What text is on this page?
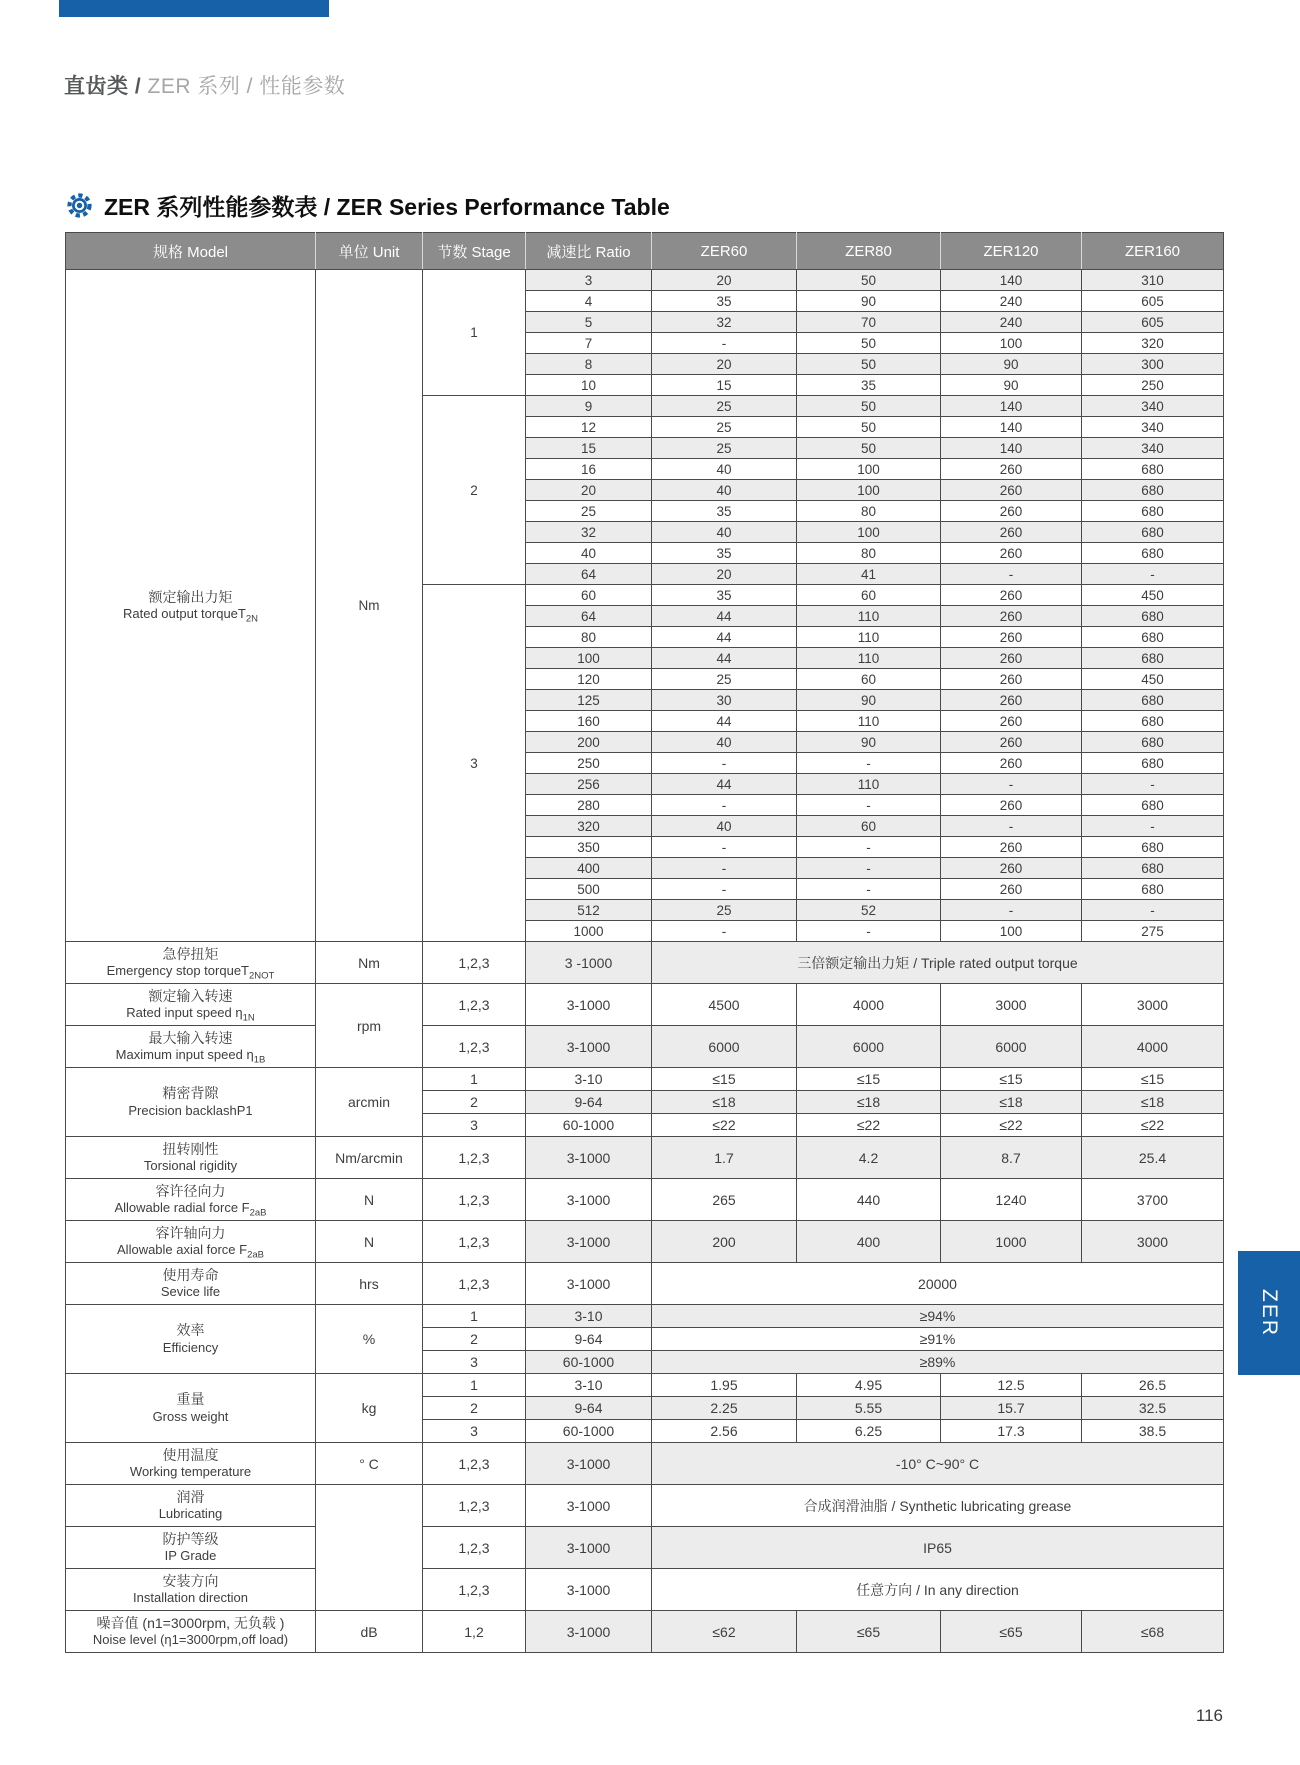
直齿类 / ZER 系列 / 性能参数
ZER 系列性能参数表 / ZER Series Performance Table
规格 Model	单位 Unit	节数 Stage	减速比 Ratio	ZER60	ZER80	ZER120	ZER160

额定输出力矩
Rated output torqueT$_{2N}$	Nm	1	3	20	50	140	310
			4	35	90	240	605
			5	32	70	240	605
			7	-	50	100	320
			8	20	50	90	300
			10	15	35	90	250
		2	9	25	50	140	340
			12	25	50	140	340
			15	25	50	140	340
			16	40	100	260	680
			20	40	100	260	680
			25	35	80	260	680
			32	40	100	260	680
			40	35	80	260	680
			64	20	41	-	-
		3	60	35	60	260	450
			64	44	110	260	680
			80	44	110	260	680
			100	44	110	260	680
			120	25	60	260	450
			125	30	90	260	680
			160	44	110	260	680
			200	40	90	260	680
			250	-	-	260	680
			256	44	110	-	-
			280	-	-	260	680
			320	40	60	-	-
			350	-	-	260	680
			400	-	-	260	680
			500	-	-	260	680
			512	25	52	-	-
			1000	-	-	100	275

急停扭矩
Emergency stop torqueT$_{2NOT}$	Nm	1,2,3	3 -1000	三倍额定输出力矩 / Triple rated output torque			

额定输入转速
Rated input speed $\eta_{1N}$	rpm	1,2,3	3-1000	4500	4000	3000	3000

最大输入转速
Maximum input speed $\eta_{1B}$		1,2,3	3-1000	6000	6000	6000	4000

精密背隙
Precision backlashP1	arcmin	1	3-10	≤15	≤15	≤15	≤15
		2	9-64	≤18	≤18	≤18	≤18
		3	60-1000	≤22	≤22	≤22	≤22

扭转刚性
Torsional rigidity	Nm/arcmin	1,2,3	3-1000	1.7	4.2	8.7	25.4

容许径向力
Allowable radial force $F_{2aB}$	N	1,2,3	3-1000	265	440	1240	3700

容许轴向力
Allowable axial force $F_{2aB}$	N	1,2,3	3-1000	200	400	1000	3000

使用寿命
Sevice life	hrs	1,2,3	3-1000	20000			

效率
Efficiency	%	1	3-10	≥94%			
		2	9-64	≥91%			
		3	60-1000	≥89%			

重量
Gross weight	kg	1	3-10	1.95	4.95	12.5	26.5
		2	9-64	2.25	5.55	15.7	32.5
		3	60-1000	2.56	6.25	17.3	38.5

使用温度
Working temperature	° C	1,2,3	3-1000	-10° C~90° C			

润滑
Lubricating		1,2,3	3-1000	合成润滑油脂 / Synthetic lubricating grease			

防护等级
IP Grade		1,2,3	3-1000	IP65			

安装方向
Installation direction		1,2,3	3-1000	任意方向 / In any direction			

噪音值 (n1=3000rpm, 无负载 )
Noise level (η1=3000rpm,off load)	dB	1,2	3-1000	≤62	≤65	≤65	≤68
ZER
116
